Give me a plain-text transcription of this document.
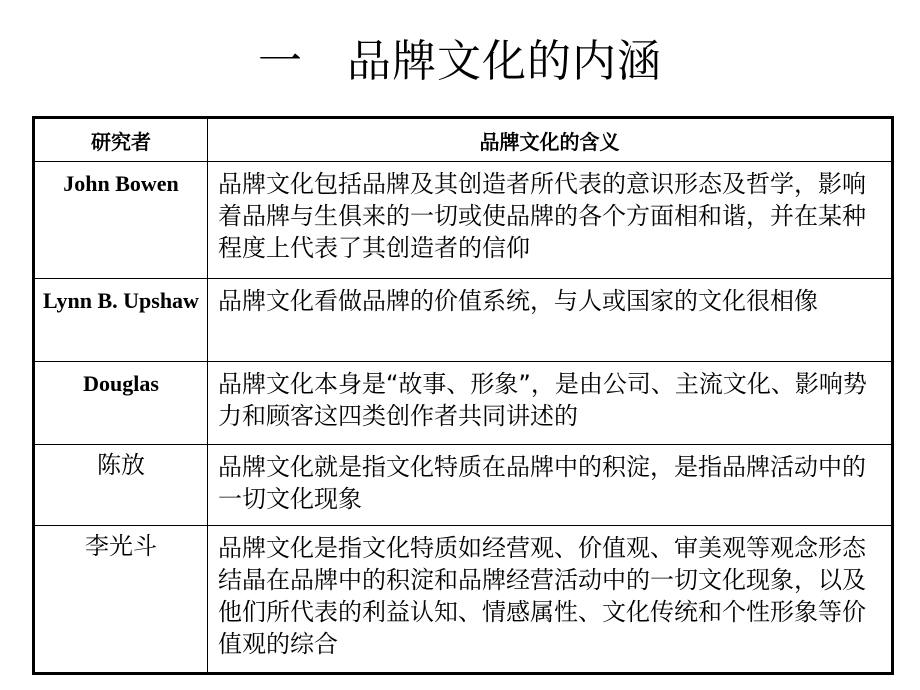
一 品牌文化的内涵
研究者	品牌文化的含义
John Bowen	品牌文化包括品牌及其创造者所代表的意识形态及哲学，影响着品牌与生俱来的一切或使品牌的各个方面相和谐，并在某种程度上代表了其创造者的信仰
Lynn B. Upshaw	品牌文化看做品牌的价值系统，与人或国家的文化很相像
Douglas	品牌文化本身是“故事、形象”，是由公司、主流文化、影响势力和顾客这四类创作者共同讲述的
陈放	品牌文化就是指文化特质在品牌中的积淀，是指品牌活动中的一切文化现象
李光斗	品牌文化是指文化特质如经营观、价值观、审美观等观念形态结晶在品牌中的积淀和品牌经营活动中的一切文化现象，以及他们所代表的利益认知、情感属性、文化传统和个性形象等价值观的综合
